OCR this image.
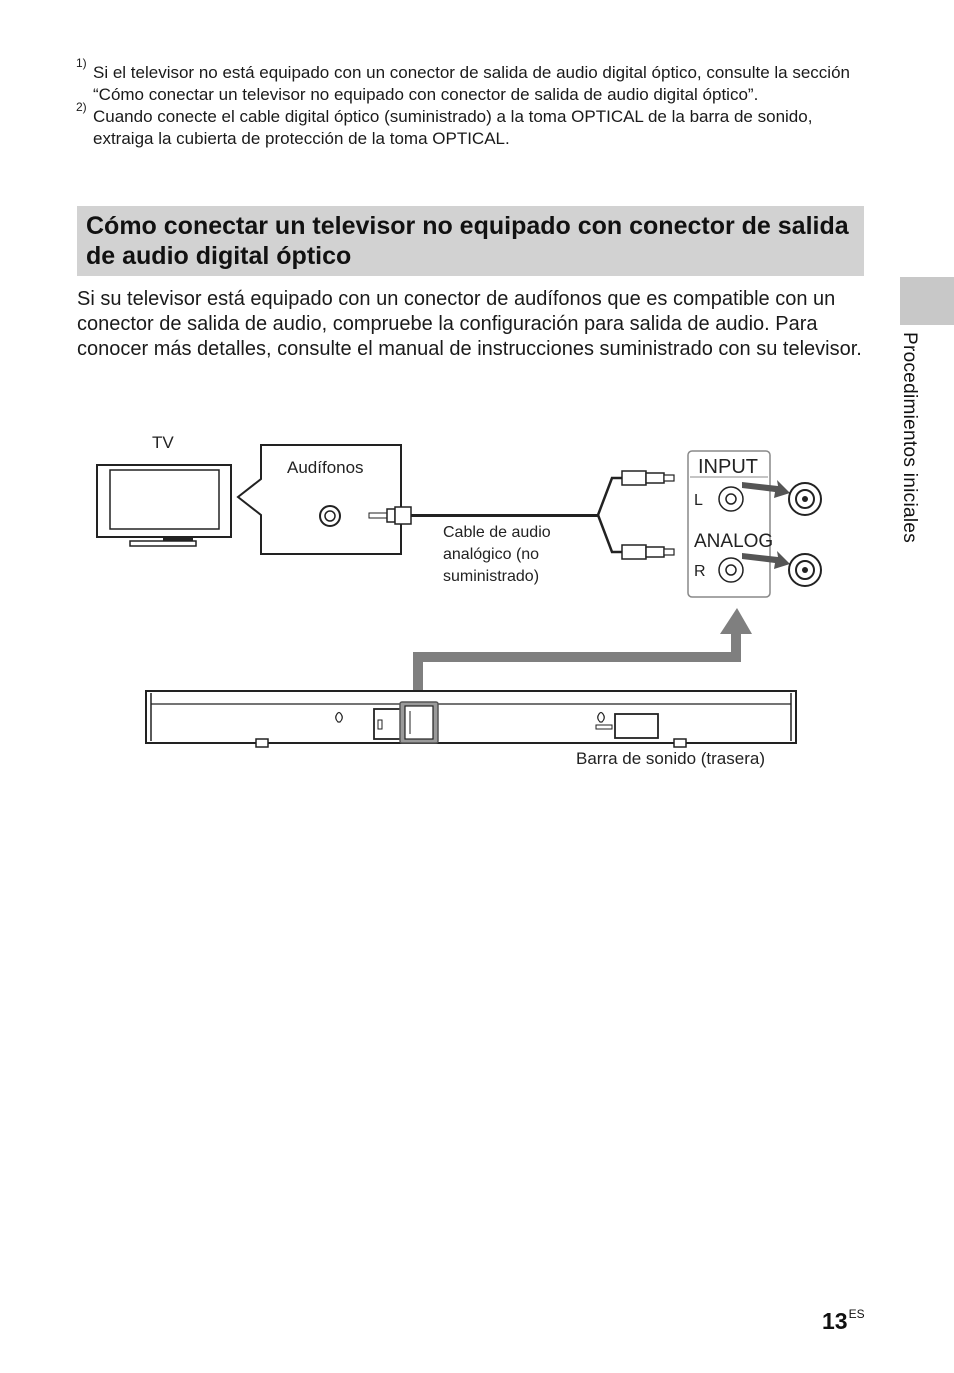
1) Si el televisor no está equipado con un conector de salida de audio digital óptico, consulte la sección “Cómo conectar un televisor no equipado con conector de salida de audio digital óptico”.
2) Cuando conecte el cable digital óptico (suministrado) a la toma OPTICAL de la barra de sonido, extraiga la cubierta de protección de la toma OPTICAL.
Cómo conectar un televisor no equipado con conector de salida de audio digital óptico

Si su televisor está equipado con un conector de audífonos que es compatible con un conector de salida de audio, compruebe la configuración para salida de audio. Para conocer más detalles, consulte el manual de instrucciones suministrado con su televisor. Procedimientos iniciales
TV
Audífonos
Cable de audio analógico (no suministrado)
INPUT
L
ANALOG
R
Barra de sonido (trasera)
$13^{ES}$
